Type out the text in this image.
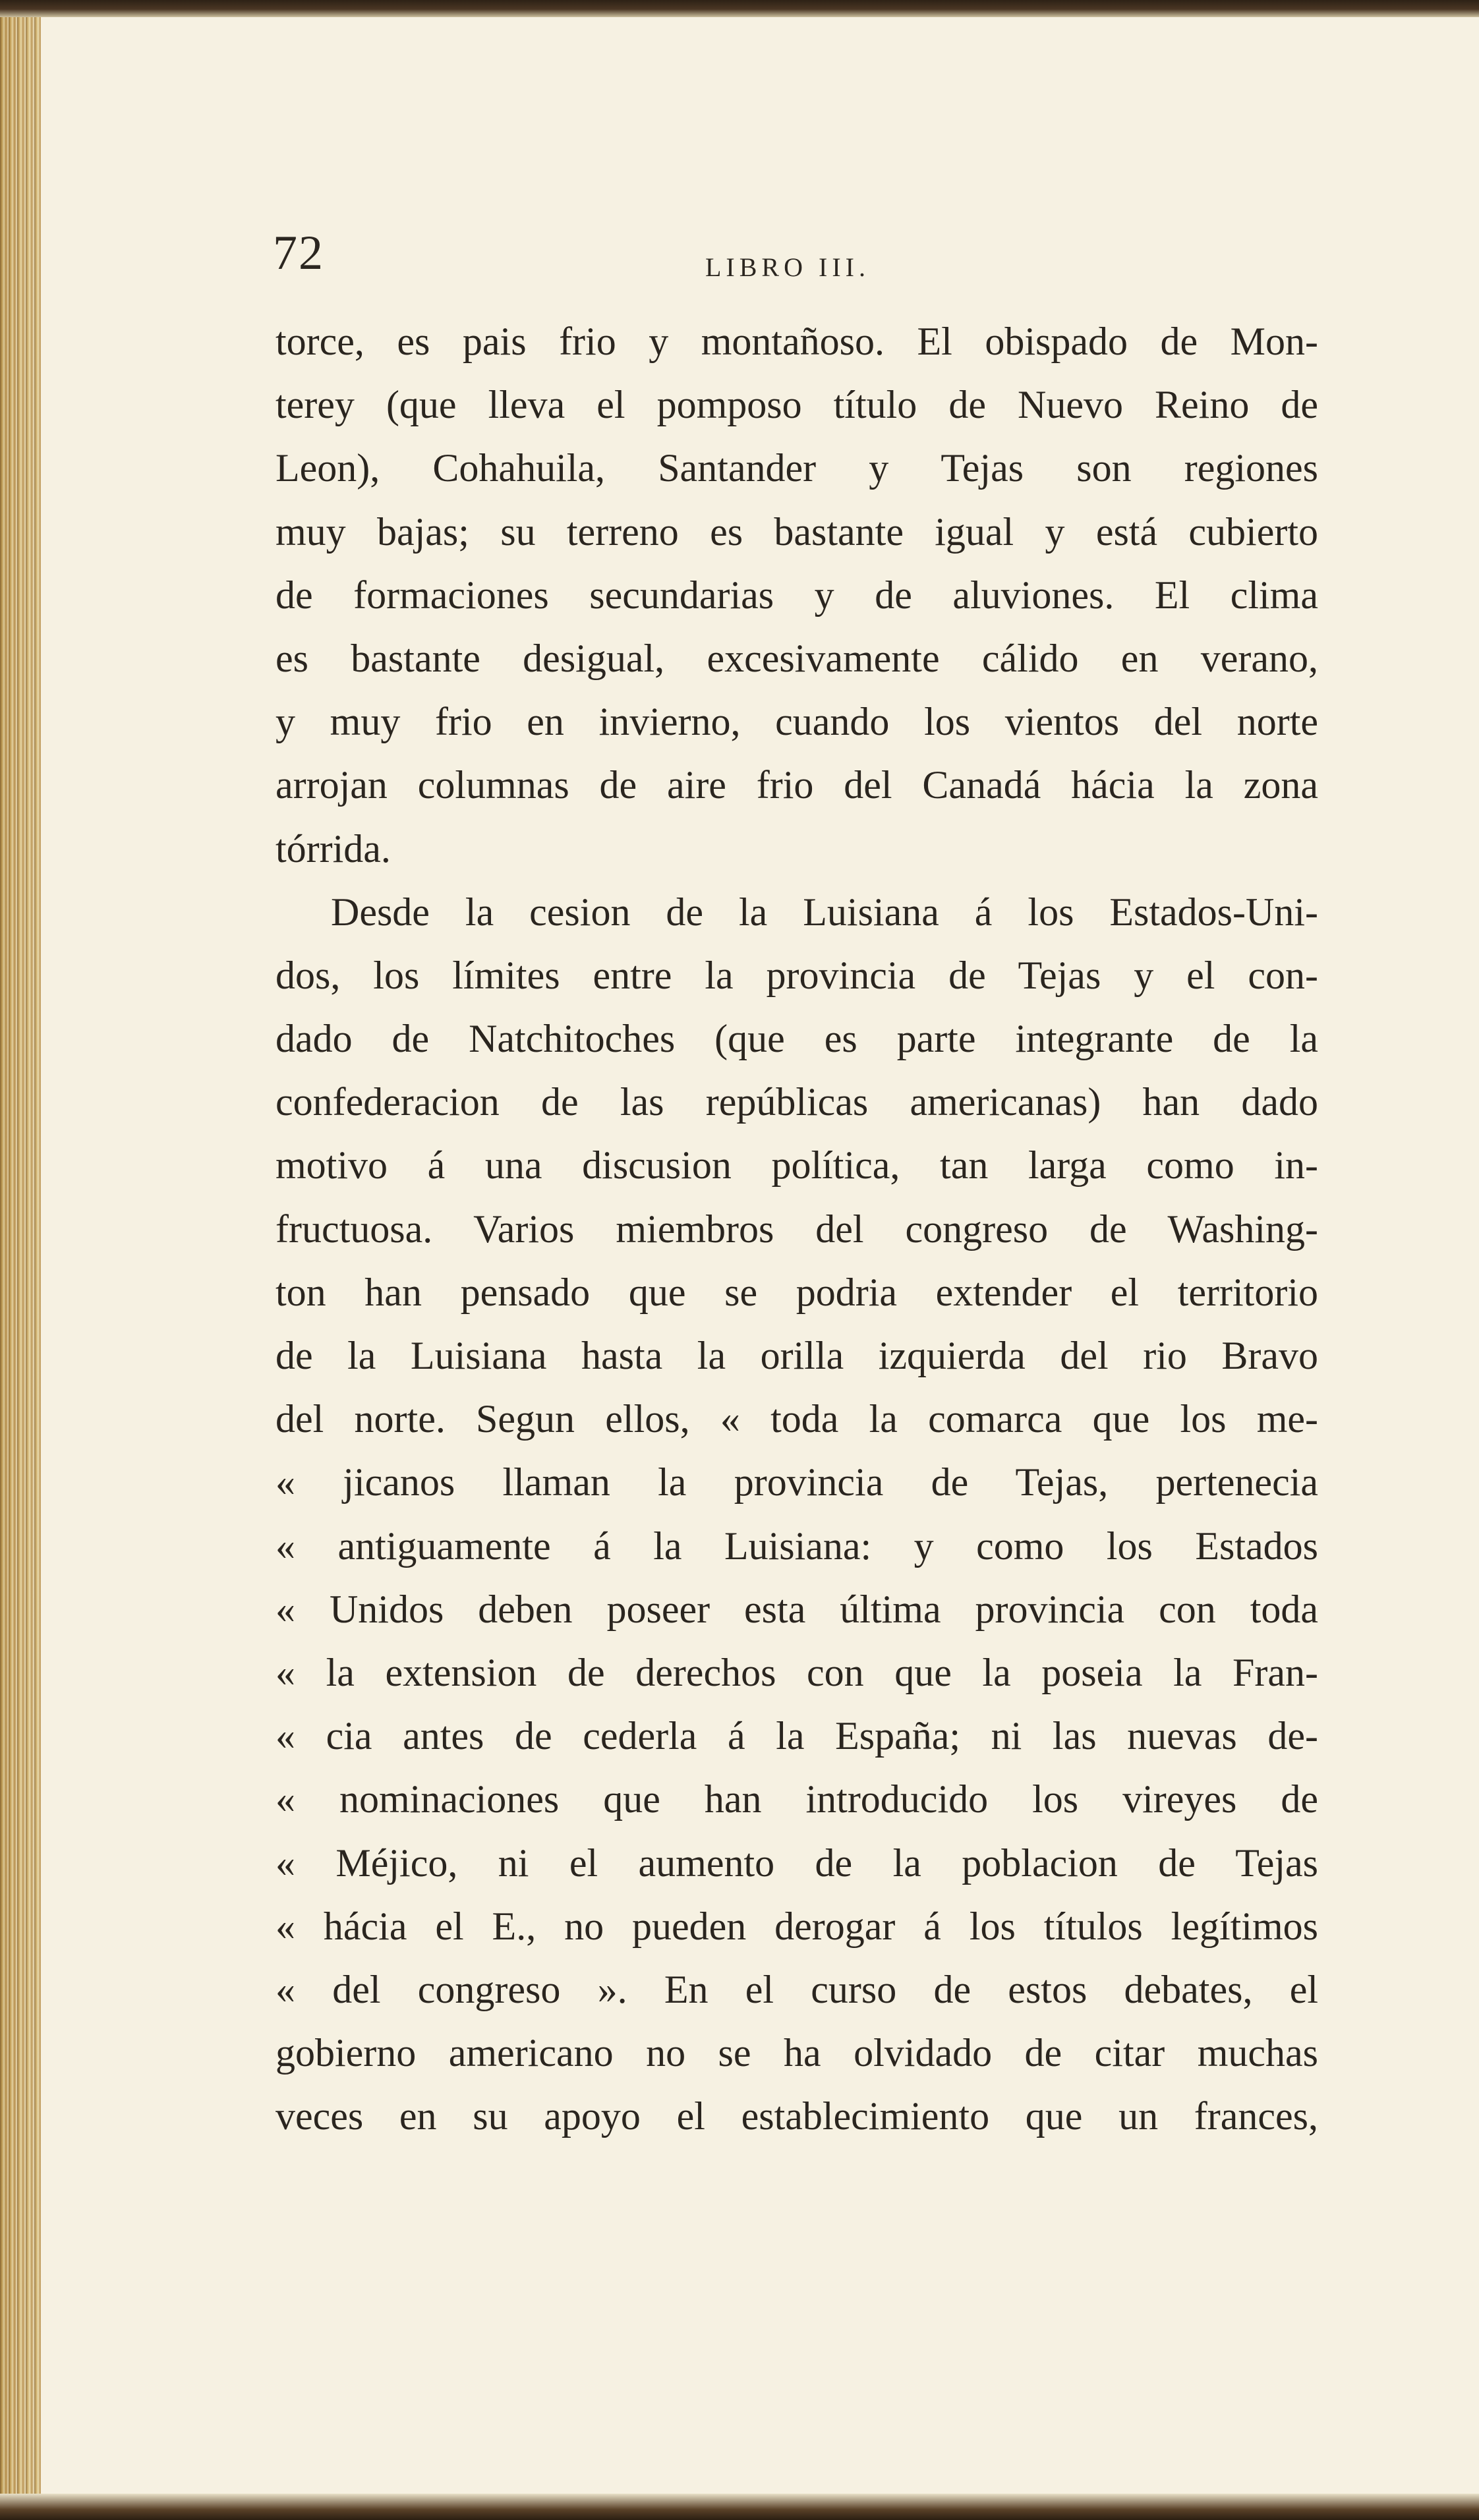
72	LIBRO III.
torce, es pais frio y montañoso. El obispado de Mon-
terey (que lleva el pomposo título de Nuevo Reino de
Leon), Cohahuila, Santander y Tejas son regiones
muy bajas; su terreno es bastante igual y está cubierto
de formaciones secundarias y de aluviones. El clima
es bastante desigual, excesivamente cálido en verano,
y muy frio en invierno, cuando los vientos del norte
arrojan columnas de aire frio del Canadá hácia la zona
tórrida.
Desde la cesion de la Luisiana á los Estados-Uni-
dos, los límites entre la provincia de Tejas y el con-
dado de Natchitoches (que es parte integrante de la
confederacion de las repúblicas americanas) han dado
motivo á una discusion política, tan larga como in-
fructuosa. Varios miembros del congreso de Washing-
ton han pensado que se podria extender el territorio
de la Luisiana hasta la orilla izquierda del rio Bravo
del norte. Segun ellos, « toda la comarca que los me-
« jicanos llaman la provincia de Tejas, pertenecia
« antiguamente á la Luisiana: y como los Estados
« Unidos deben poseer esta última provincia con toda
« la extension de derechos con que la poseia la Fran-
« cia antes de cederla á la España; ni las nuevas de-
« nominaciones que han introducido los vireyes de
« Méjico, ni el aumento de la poblacion de Tejas
« hácia el E., no pueden derogar á los títulos legítimos
« del congreso ». En el curso de estos debates, el
gobierno americano no se ha olvidado de citar muchas
veces en su apoyo el establecimiento que un frances,
